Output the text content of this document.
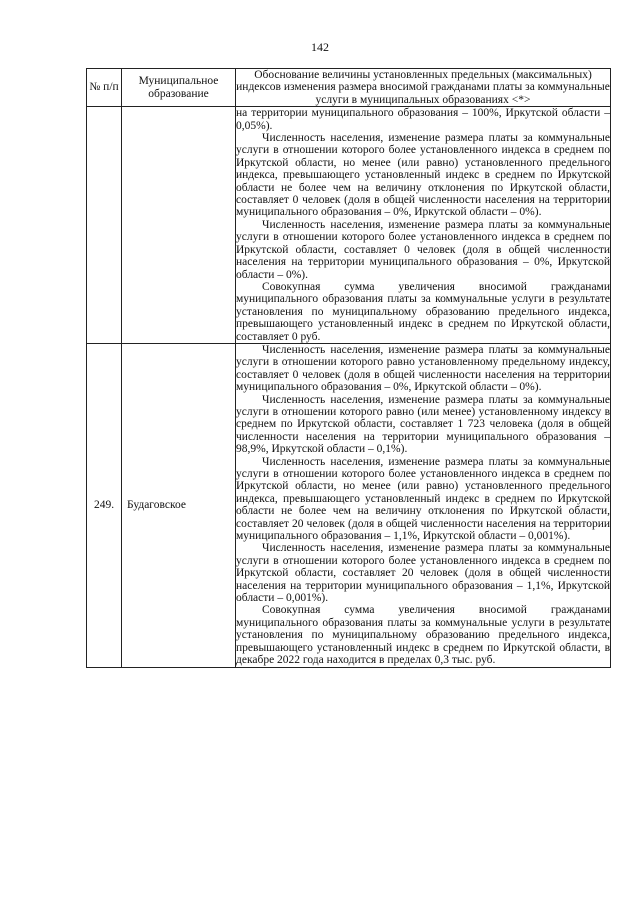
142
№ п/п	Муниципальное образование	Обоснование величины установленных предельных (максимальных) индексов изменения размера вносимой гражданами платы за коммунальные услуги в муниципальных образованиях <*>

		на территории муниципального образования – 100%, Иркутской области – 0,05%).

Численность населения, изменение размера платы за коммунальные услуги в отношении которого более установленного индекса в среднем по Иркутской области, но менее (или равно) установленного предельного индекса, превышающего установленный индекс в среднем по Иркутской области не более чем на величину отклонения по Иркутской области, составляет 0 человек (доля в общей численности населения на территории муниципального образования – 0%, Иркутской области – 0%).

Численность населения, изменение размера платы за коммунальные услуги в отношении которого более установленного индекса в среднем по Иркутской области, составляет 0 человек (доля в общей численности населения на территории муниципального образования – 0%, Иркутской области – 0%).

Совокупная сумма увеличения вносимой гражданами муниципального образования платы за коммунальные услуги в результате установления по муниципальному образованию предельного индекса, превышающего установленный индекс в среднем по Иркутской области, составляет 0 руб.

249.	Будаговское	Численность населения, изменение размера платы за коммунальные услуги в отношении которого равно установленному предельному индексу, составляет 0 человек (доля в общей численности населения на территории муниципального образования – 0%, Иркутской области – 0%).

Численность населения, изменение размера платы за коммунальные услуги в отношении которого равно (или менее) установленному индексу в среднем по Иркутской области, составляет 1 723 человека (доля в общей численности населения на территории муниципального образования – 98,9%, Иркутской области – 0,1%).

Численность населения, изменение размера платы за коммунальные услуги в отношении которого более установленного индекса в среднем по Иркутской области, но менее (или равно) установленного предельного индекса, превышающего установленный индекс в среднем по Иркутской области не более чем на величину отклонения по Иркутской области, составляет 20 человек (доля в общей численности населения на территории муниципального образования – 1,1%, Иркутской области – 0,001%).

Численность населения, изменение размера платы за коммунальные услуги в отношении которого более установленного индекса в среднем по Иркутской области, составляет 20 человек (доля в общей численности населения на территории муниципального образования – 1,1%, Иркутской области – 0,001%).

Совокупная сумма увеличения вносимой гражданами муниципального образования платы за коммунальные услуги в результате установления по муниципальному образованию предельного индекса, превышающего установленный индекс в среднем по Иркутской области, в декабре 2022 года находится в пределах 0,3 тыс. руб.
